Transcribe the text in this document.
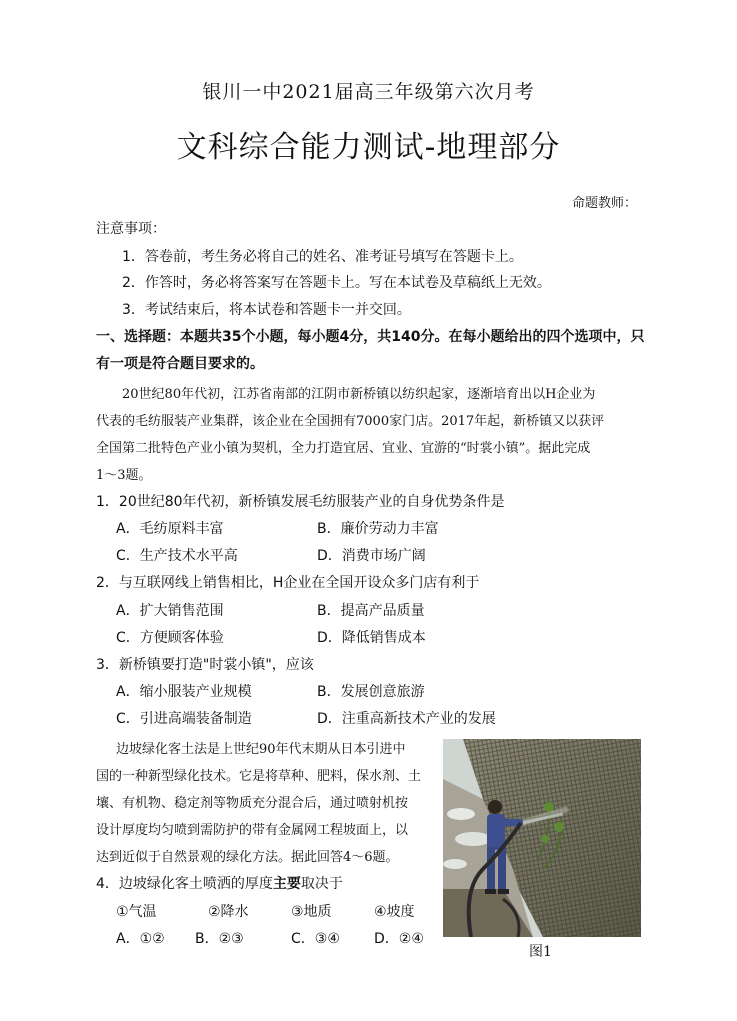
银川一中2021届高三年级第六次月考
文科综合能力测试-地理部分
命题教师：
注意事项：
1．答卷前，考生务必将自己的姓名、准考证号填写在答题卡上。
2．作答时，务必将答案写在答题卡上。写在本试卷及草稿纸上无效。
3．考试结束后，将本试卷和答题卡一并交回。
一、选择题：本题共35个小题，每小题4分，共140分。在每小题给出的四个选项中，只
有一项是符合题目要求的。
20世纪80年代初，江苏省南部的江阴市新桥镇以纺织起家，逐渐培育出以H企业为
代表的毛纺服装产业集群，该企业在全国拥有7000家门店。2017年起，新桥镇又以获评
全国第二批特色产业小镇为契机，全力打造宜居、宜业、宜游的“时裳小镇”。据此完成
1～3题。
1．20世纪80年代初，新桥镇发展毛纺服装产业的自身优势条件是
A．毛纺原料丰富	B．廉价劳动力丰富
C．生产技术水平高	D．消费市场广阔
2．与互联网线上销售相比，H企业在全国开设众多门店有利于
A．扩大销售范围	B．提高产品质量
C．方便顾客体验	D．降低销售成本
3．新桥镇要打造"时裳小镇"，应该
A．缩小服装产业规模	B．发展创意旅游
C．引进高端装备制造	D．注重高新技术产业的发展
边坡绿化客土法是上世纪90年代末期从日本引进中
国的一种新型绿化技术。它是将草种、肥料，保水剂、土
壤、有机物、稳定剂等物质充分混合后，通过喷射机按
设计厚度均匀喷到需防护的带有金属网工程坡面上，以
达到近似于自然景观的绿化方法。据此回答4～6题。
4．边坡绿化客土喷洒的厚度主要取决于
①气温	②降水	③地质	④坡度
A．①② B．②③	C．③④ D．②④
图1
